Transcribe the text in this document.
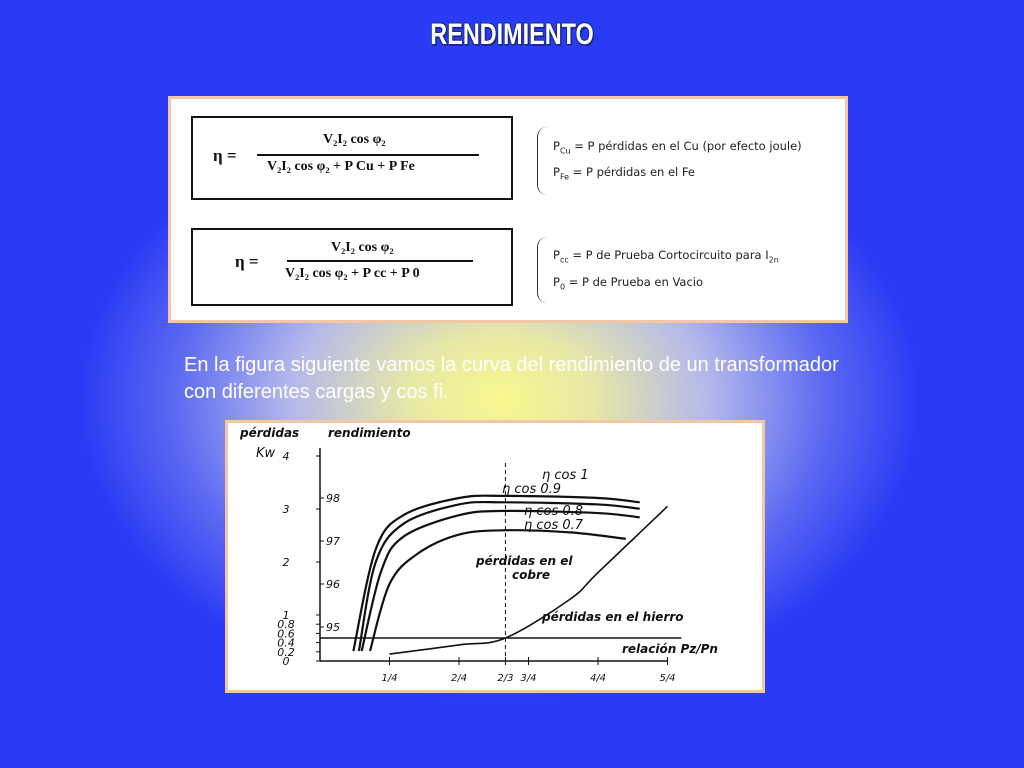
RENDIMIENTO
η =
V₂I₂ cos φ₂
V₂I₂ cos φ₂ + P Cu + P Fe
η =
V₂I₂ cos φ₂
V₂I₂ cos φ₂ + P cc + P 0
$P_{Cu} = P$ pérdidas en el Cu (por efecto joule)
$P_{Fe} = P$ pérdidas en el Fe
$P_{cc} = P$ de Prueba Cortocircuito para $I_{2n}$
$P_0 = P$ de Prueba en Vacio
En la figura siguiente vamos la curva del rendimiento de un transformador con diferentes cargas y cos fi.
4
3
2
1
0.8
0.6
0.4
0.2
0
98
97
96
95
1/4	2/4	2/3 3/4	4/4	5/4
η cos 1
η cos 0.9
η cos 0.8
η cos 0.7
pérdidas rendimiento
Kw
pérdidas en el
cobre
pérdidas en el hierro
relación Pz/Pn
